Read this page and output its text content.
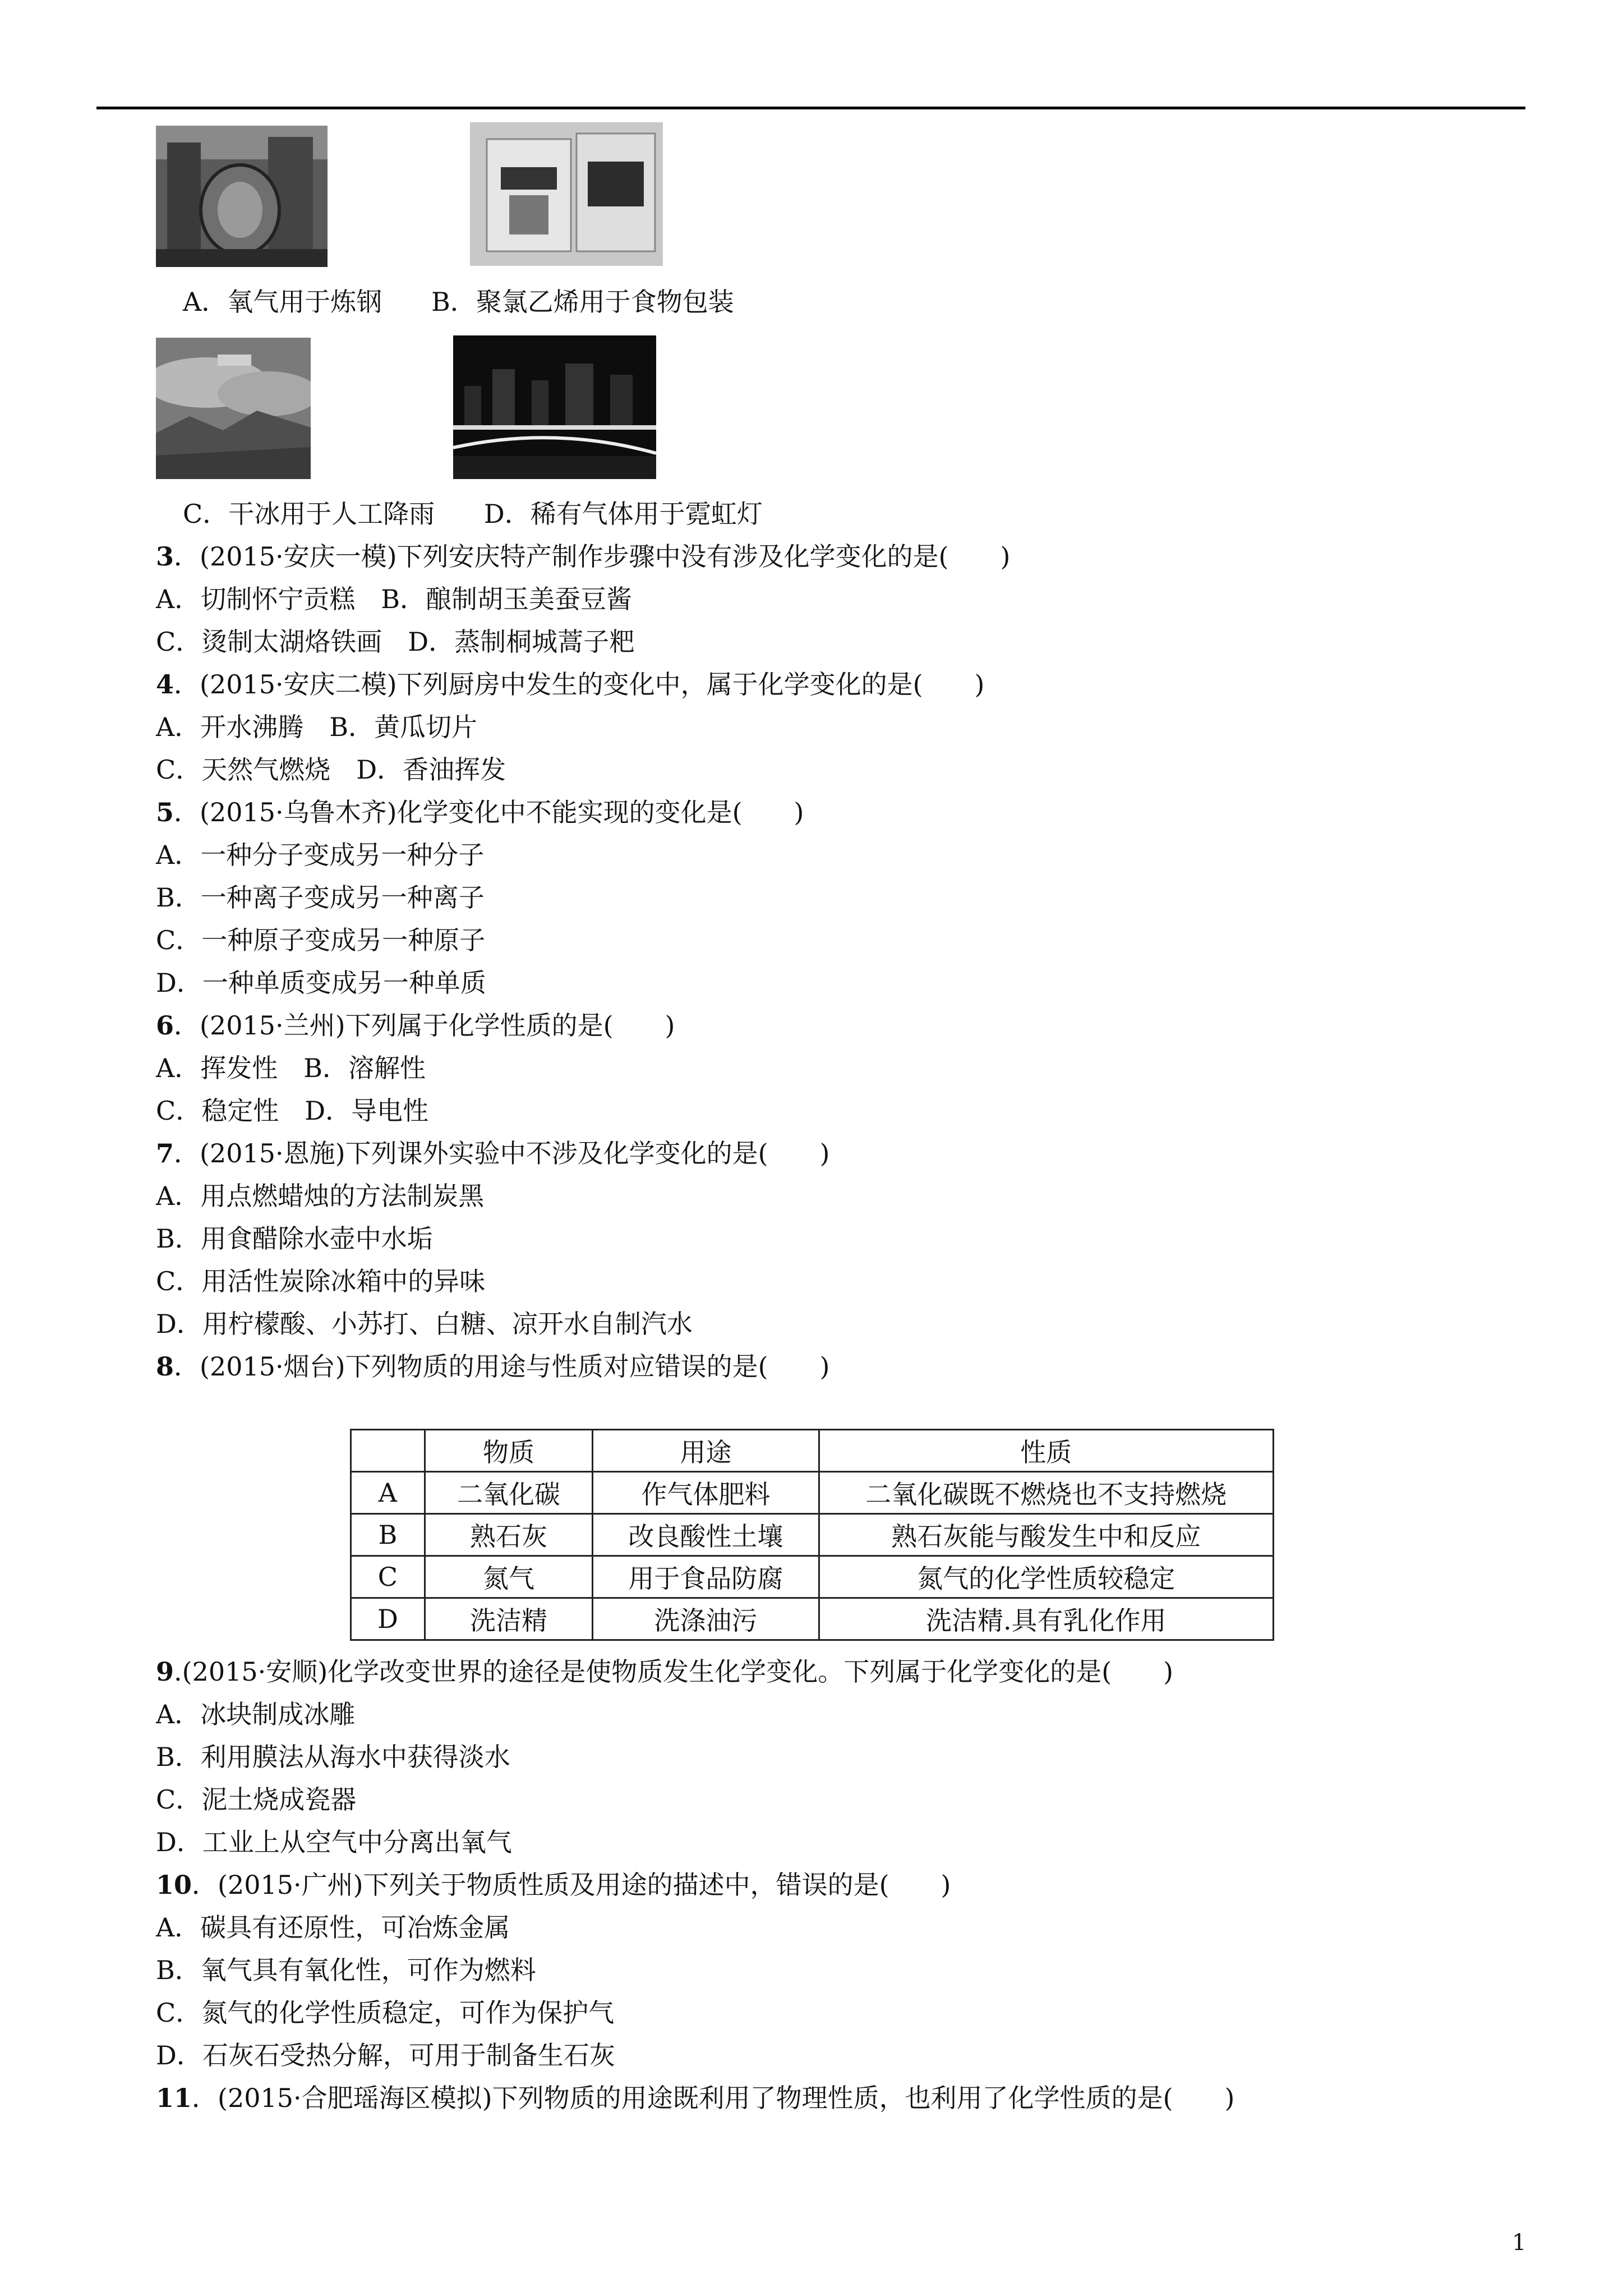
A．氧气用于炼钢      B．聚氯乙烯用于食物包装
C．干冰用于人工降雨      D．稀有气体用于霓虹灯
3．(2015·安庆一模)下列安庆特产制作步骤中没有涉及化学变化的是(　　)
A．切制怀宁贡糕　B．酿制胡玉美蚕豆酱
C．烫制太湖烙铁画　D．蒸制桐城蒿子粑
4．(2015·安庆二模)下列厨房中发生的变化中，属于化学变化的是(　　)
A．开水沸腾　B．黄瓜切片
C．天然气燃烧　D．香油挥发
5．(2015·乌鲁木齐)化学变化中不能实现的变化是(　　)
A．一种分子变成另一种分子
B．一种离子变成另一种离子
C．一种原子变成另一种原子
D．一种单质变成另一种单质
6．(2015·兰州)下列属于化学性质的是(　　)
A．挥发性　B．溶解性
C．稳定性　D．导电性
7．(2015·恩施)下列课外实验中不涉及化学变化的是(　　)
A．用点燃蜡烛的方法制炭黑
B．用食醋除水壶中水垢
C．用活性炭除冰箱中的异味
D．用柠檬酸、小苏打、白糖、凉开水自制汽水
8．(2015·烟台)下列物质的用途与性质对应错误的是(　　)
	物质	用途	性质
A	二氧化碳	作气体肥料	二氧化碳既不燃烧也不支持燃烧
B	熟石灰	改良酸性土壤	熟石灰能与酸发生中和反应
C	氮气	用于食品防腐	氮气的化学性质较稳定
D	洗洁精	洗涤油污	洗洁精.具有乳化作用
9.(2015·安顺)化学改变世界的途径是使物质发生化学变化。下列属于化学变化的是(　　)
A．冰块制成冰雕
B．利用膜法从海水中获得淡水
C．泥土烧成瓷器
D．工业上从空气中分离出氧气
10．(2015·广州)下列关于物质性质及用途的描述中，错误的是(　　)
A．碳具有还原性，可冶炼金属
B．氧气具有氧化性，可作为燃料
C．氮气的化学性质稳定，可作为保护气
D．石灰石受热分解，可用于制备生石灰
11．(2015·合肥瑶海区模拟)下列物质的用途既利用了物理性质，也利用了化学性质的是(　　)
1
